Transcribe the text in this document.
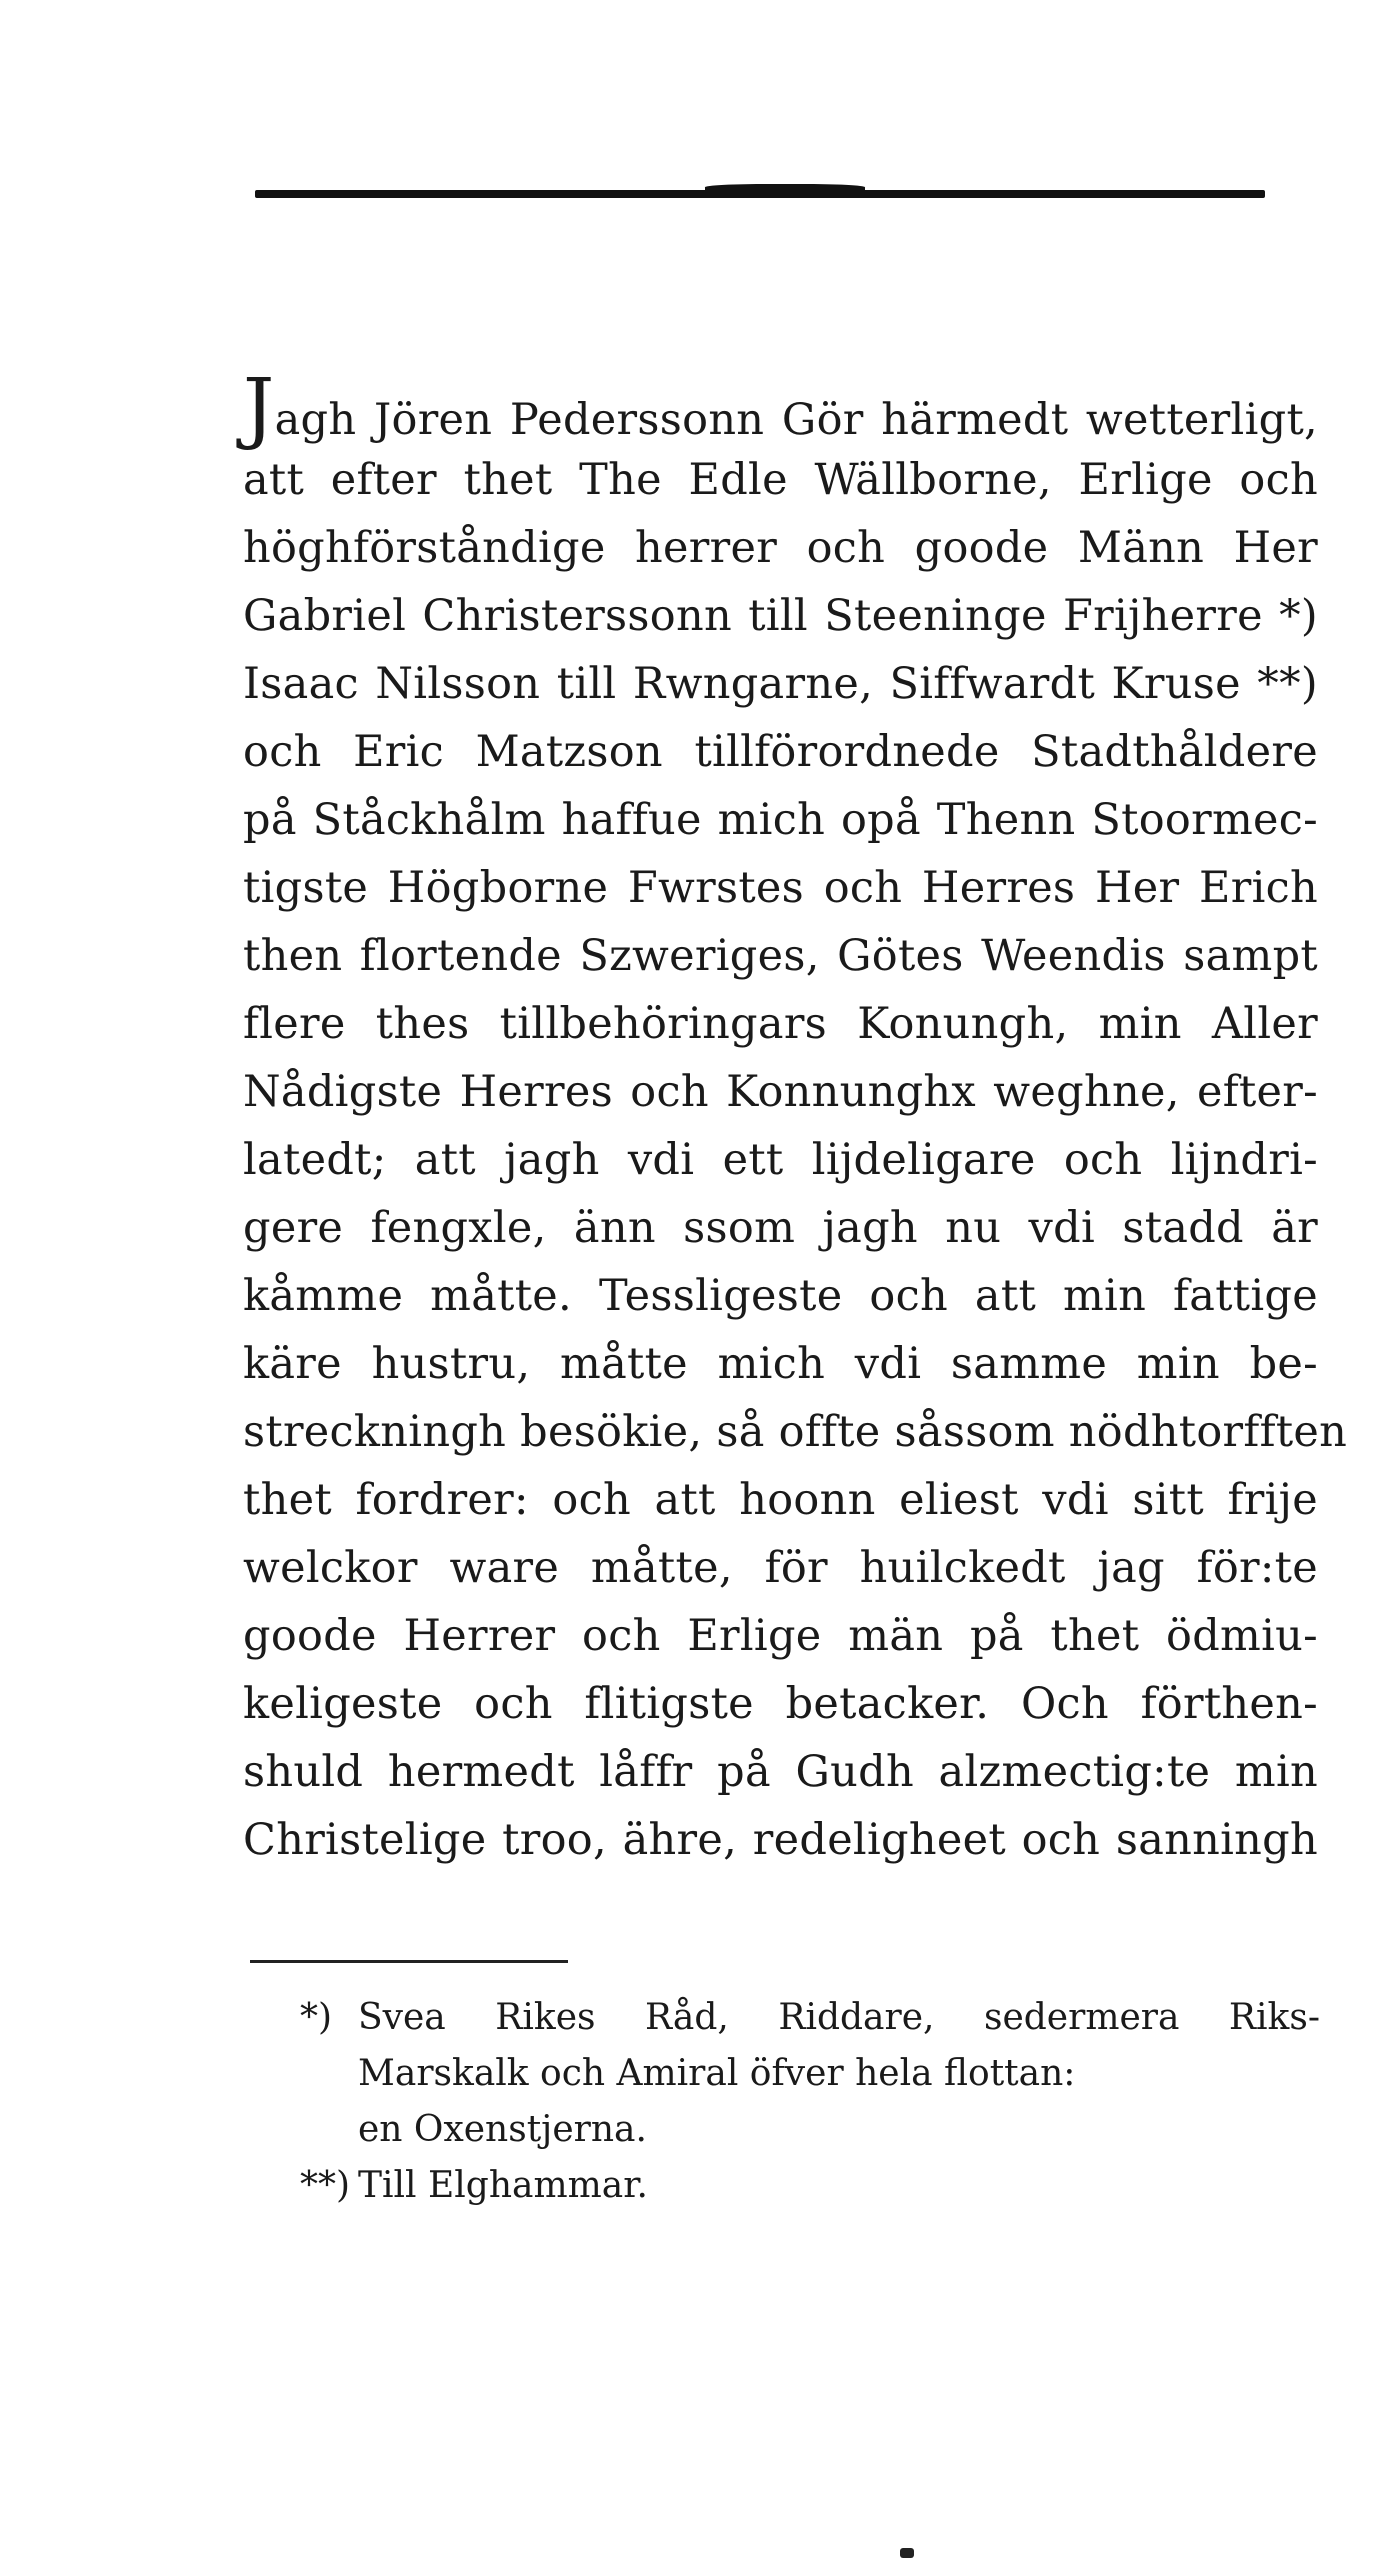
Jagh Jören Pederssonn Gör härmedt wetterligt,
att efter thet The Edle Wällborne, Erlige och
höghförståndige herrer och goode Männ Her
Gabriel Christerssonn till Steeninge Frijherre *)
Isaac Nilsson till Rwngarne, Siffwardt Kruse **)
och Eric Matzson tillförordnede Stadthåldere
på Ståckhålm haffue mich opå Thenn Stoormec-
tigste Högborne Fwrstes och Herres Her Erich
then flortende Szweriges, Götes Weendis sampt
flere thes tillbehöringars Konungh, min Aller
Nådigste Herres och Konnunghx weghne, efter-
latedt; att jagh vdi ett lijdeligare och lijndri-
gere fengxle, änn ssom jagh nu vdi stadd är
kåmme måtte. Tessligeste och att min fattige
käre hustru, måtte mich vdi samme min be-
streckningh besökie, så offte såssom nödhtorfften
thet fordrer: och att hoonn eliest vdi sitt frije
welckor ware måtte, för huilckedt jag för:te
goode Herrer och Erlige män på thet ödmiu-
keligeste och flitigste betacker. Och förthen-
shuld hermedt låffr på Gudh alzmectig:te min
Christelige troo, ähre, redeligheet och sanningh
*) Svea Rikes Råd, Riddare, sedermera Riks-
Marskalk och Amiral öfver hela flottan:
en Oxenstjerna.
**) Till Elghammar.
